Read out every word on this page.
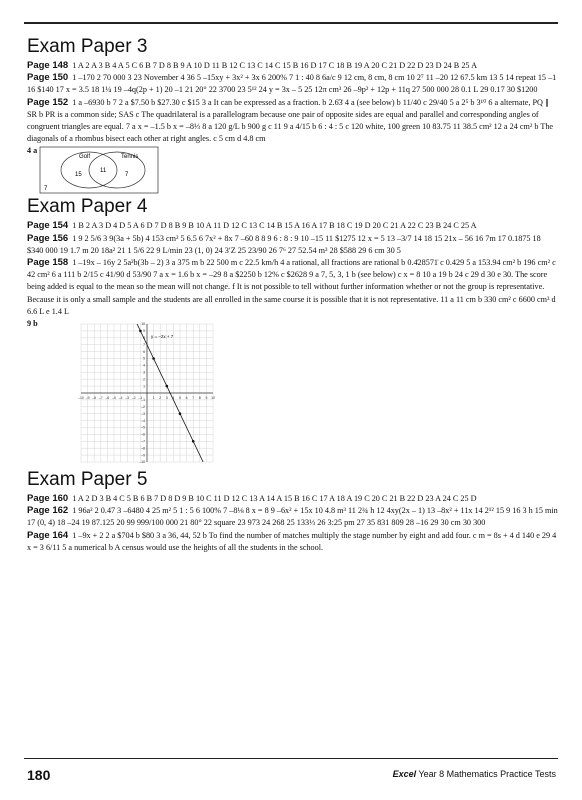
Exam Paper 3

Page 148 1 A 2 A 3 B 4 A 5 C 6 B 7 D 8 B 9 A 10 D 11 B 12 C 13 C 14 C 15 B 16 D 17 C 18 B 19 A 20 C 21 D 22 D 23 D 24 B 25 A

Page 150 1 –170 2 70 000 3 23 November 4 36 5 –15xy + 3x² + 3x 6 200% 7 1 : 40 8 6a/c 9 12 cm, 8 cm, 8 cm 10 2⁷ 11 –20 12 67.5 km 13 5 14 repeat 15 –1 16 $140 17 x = 3.5 18 1¼ 19 –4q(2p + 1) 20 –1 21 20° 22 3700 23 5¹² 24 y = 3x – 5 25 12π cm³ 26 –9p² + 12p + 11q 27 500 000 28 0.1 L 29 0.17 30 $1200

Page 152 1 a –6930 b 7 2 a $7.50 b $27.30 c $15 3 a It can be expressed as a fraction. b 2.6̇3̇ 4 a (see below) b 11/40 c 29/40 5 a 2⁵ b 3¹⁰ 6 a alternate, PQ ∥ SR b PR is a common side; SAS c The quadrilateral is a parallelogram because one pair of opposite sides are equal and parallel and corresponding angles of congruent triangles are equal. 7 a x = –1.5 b x = –8⅓ 8 a 120 g/L b 900 g c 11 9 a 4/15 b 6 : 4 : 5 c 120 white, 100 green 10 83.75 11 38.5 cm² 12 a 24 cm² b The diagonals of a rhombus bisect each other at right angles. c 5 cm d 4.8 cm

4 a
Golf	Tennis
15
11
7
7
Exam Paper 4

Page 154 1 B 2 A 3 D 4 D 5 A 6 D 7 D 8 B 9 B 10 A 11 D 12 C 13 C 14 B 15 A 16 A 17 B 18 C 19 D 20 C 21 A 22 C 23 B 24 C 25 A

Page 156 1 9 2 5/6 3 9(3a + 5b) 4 153 cm² 5 6.5 6 7x² + 8x 7 –60 8 8 9 6 : 8 : 9 10 –15 11 $1275 12 x = 5 13 –3/7 14 18 15 21x – 56 16 7m 17 0.1875 18 $340 000 19 1.7 m 20 18a² 21 1 5/6 22 9 L/min 23 (1, 0) 24 3′Z 25 23/90 26 7⁶ 27 52.54 m³ 28 $588 29 6 cm 30 5

Page 158 1 –19x – 16y 2 5a²b(3b – 2) 3 a 375 m b 22 500 m c 22.5 km/h 4 a rational, all fractions are rational b 0.4̇28571̇ c 0.429 5 a 153.94 cm² b 196 cm² c 42 cm² 6 a 111 b 2/15 c 41/90 d 53/90 7 a x = 1.6 b x = –29 8 a $2250 b 12% c $2628 9 a 7, 5, 3, 1 b (see below) c x = 8 10 a 19 b 24 c 29 d 30 e 30. The score being added is equal to the mean so the mean will not change. f It is not possible to tell without further information whether or not the group is representative. Because it is only a small sample and the students are all enrolled in the same course it is possible that it is not representative. 11 a 11 cm b 330 cm² c 6600 cm³ d 6.6 L e 1.4 L

9 b
–10 –9 –8 –7 –6 –5 –4 –3 –2 –1	1 2 3 4 5 6 7 8 9 10
10
9
7
6
5
4
3
2
1
–1
–2
–3
–4
–5
–6
–7
–8
–9
–10
y = –2x + 7
Exam Paper 5

Page 160 1 A 2 D 3 B 4 C 5 B 6 B 7 D 8 D 9 B 10 C 11 D 12 C 13 A 14 A 15 B 16 C 17 A 18 A 19 C 20 C 21 B 22 D 23 A 24 C 25 D

Page 162 1 96a² 2 0.47 3 –6480 4 25 m² 5 1 : 5 6 100% 7 –8⅛ 8 x = 8 9 –6x² + 15x 10 4.8 m³ 11 2¾ h 12 4xy(2x – 1) 13 –8x² + 11x 14 2¹² 15 9 16 3 h 15 min 17 (0, 4) 18 –24 19 87.125 20 99 999/100 000 21 80° 22 square 23 973 24 268 25 133⅓ 26 3:25 pm 27 35 831 809 28 –16 29 30 cm 30 300

Page 164 1 –9x + 2 2 a $704 b $80 3 a 36, 44, 52 b To find the number of matches multiply the stage number by eight and add four. c m = 8s + 4 d 140 e 29 4 x = 3 6/11 5 a numerical b A census would use the heights of all the students in the school.

180	Excel Year 8 Mathematics Practice Tests
